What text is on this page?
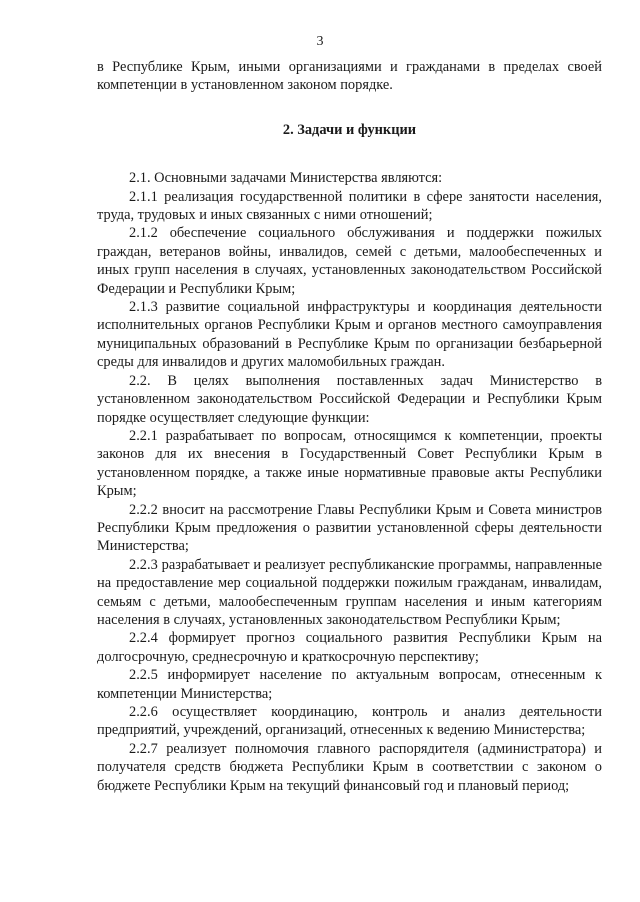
3

в Республике Крым, иными организациями и гражданами в пределах своей компетенции в установленном законом порядке.

2. Задачи и функции

2.1. Основными задачами Министерства являются:

2.1.1 реализация государственной политики в сфере занятости населения, труда, трудовых и иных связанных с ними отношений;

2.1.2 обеспечение социального обслуживания и поддержки пожилых граждан, ветеранов войны, инвалидов, семей с детьми, малообеспеченных и иных групп населения в случаях, установленных законодательством Российской Федерации и Республики Крым;

2.1.3 развитие социальной инфраструктуры и координация деятельности исполнительных органов Республики Крым и органов местного самоуправления муниципальных образований в Республике Крым по организации безбарьерной среды для инвалидов и других маломобильных граждан.

2.2. В целях выполнения поставленных задач Министерство в установленном законодательством Российской Федерации и Республики Крым порядке осуществляет следующие функции:

2.2.1 разрабатывает по вопросам, относящимся к компетенции, проекты законов для их внесения в Государственный Совет Республики Крым в установленном порядке, а также иные нормативные правовые акты Республики Крым;

2.2.2 вносит на рассмотрение Главы Республики Крым и Совета министров Республики Крым предложения о развитии установленной сферы деятельности Министерства;

2.2.3 разрабатывает и реализует республиканские программы, направленные на предоставление мер социальной поддержки пожилым гражданам, инвалидам, семьям с детьми, малообеспеченным группам населения и иным категориям населения в случаях, установленных законодательством Республики Крым;

2.2.4 формирует прогноз социального развития Республики Крым на долгосрочную, среднесрочную и краткосрочную перспективу;

2.2.5 информирует население по актуальным вопросам, отнесенным к компетенции Министерства;

2.2.6 осуществляет координацию, контроль и анализ деятельности предприятий, учреждений, организаций, отнесенных к ведению Министерства;

2.2.7 реализует полномочия главного распорядителя (администратора) и получателя средств бюджета Республики Крым в соответствии с законом о бюджете Республики Крым на текущий финансовый год и плановый период;
